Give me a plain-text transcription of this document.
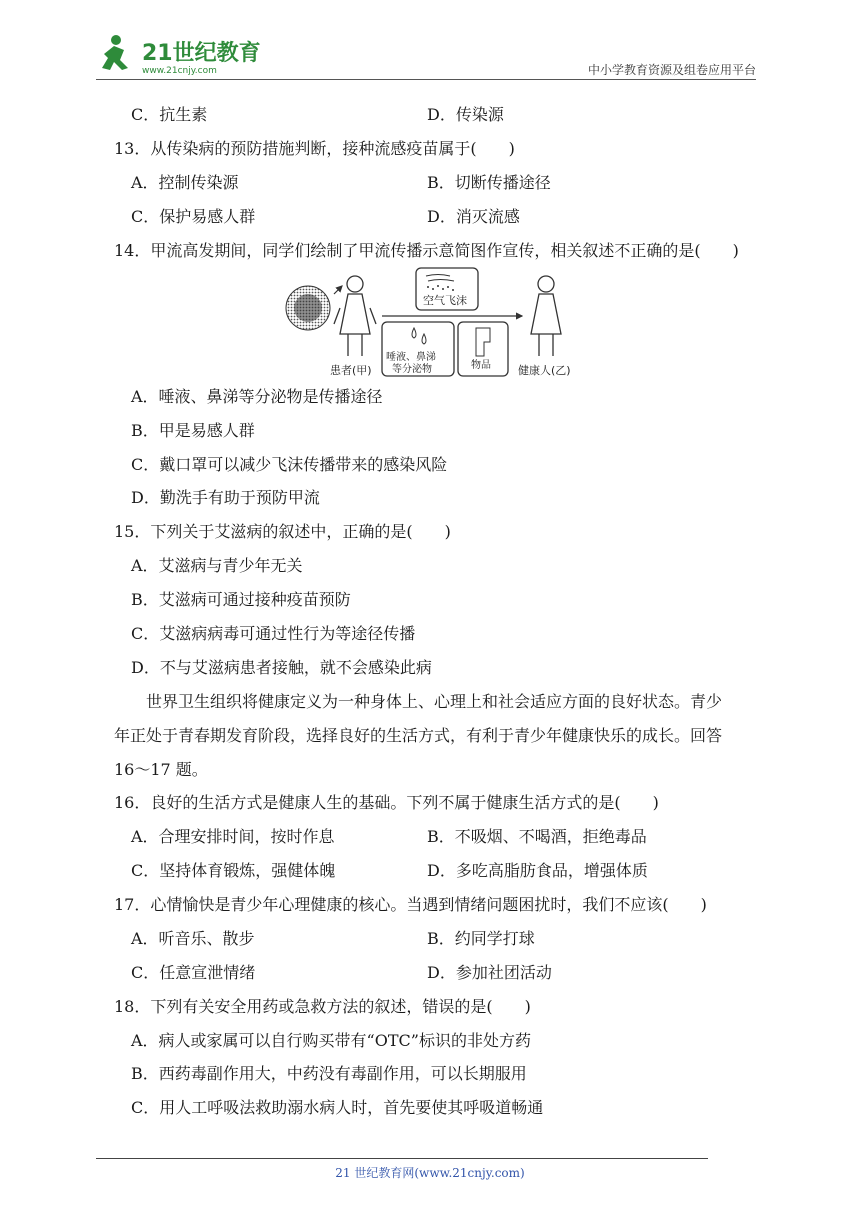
21世纪教育
www.21cnjy.com	中小学教育资源及组卷应用平台
C．抗生素	D．传染源
13．从传染病的预防措施判断，接种流感疫苗属于(　　)
A．控制传染源	B．切断传播途径
C．保护易感人群	D．消灭流感
14．甲流高发期间，同学们绘制了甲流传播示意简图作宣传，相关叙述不正确的是(　　)
患者(甲)
空气飞沫
唾液、鼻涕
等分泌物	物品 健康人(乙)
A．唾液、鼻涕等分泌物是传播途径
B．甲是易感人群
C．戴口罩可以减少飞沫传播带来的感染风险
D．勤洗手有助于预防甲流
15．下列关于艾滋病的叙述中，正确的是(　　)
A．艾滋病与青少年无关
B．艾滋病可通过接种疫苗预防
C．艾滋病病毒可通过性行为等途径传播
D．不与艾滋病患者接触，就不会感染此病
　　世界卫生组织将健康定义为一种身体上、心理上和社会适应方面的良好状态。青少
年正处于青春期发育阶段，选择良好的生活方式，有利于青少年健康快乐的成长。回答
16～17 题。
16．良好的生活方式是健康人生的基础。下列不属于健康生活方式的是(　　)
A．合理安排时间，按时作息	B．不吸烟、不喝酒，拒绝毒品
C．坚持体育锻炼，强健体魄	D．多吃高脂肪食品，增强体质
17．心情愉快是青少年心理健康的核心。当遇到情绪问题困扰时，我们不应该(　　)
A．听音乐、散步	B．约同学打球
C．任意宣泄情绪	D．参加社团活动
18．下列有关安全用药或急救方法的叙述，错误的是(　　)
A．病人或家属可以自行购买带有“OTC”标识的非处方药
B．西药毒副作用大，中药没有毒副作用，可以长期服用
C．用人工呼吸法救助溺水病人时，首先要使其呼吸道畅通
21 世纪教育网(www.21cnjy.com)
